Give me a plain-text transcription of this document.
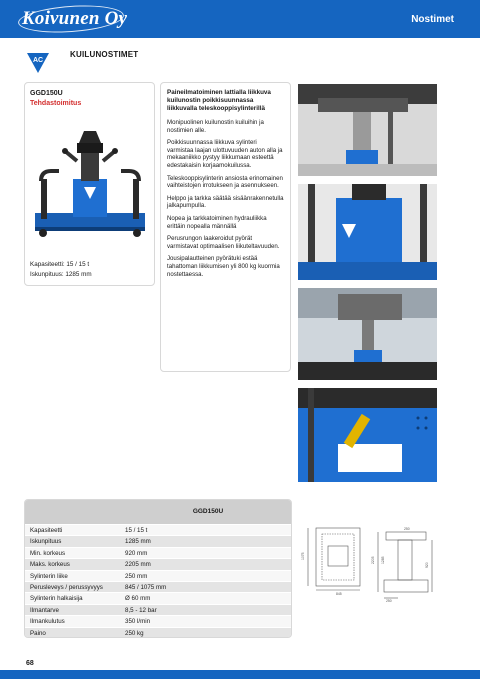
Koivunen Oy	Nostimet
AC
KUILUNOSTIMET
GGD150U
Tehdastoimitus
Kapasiteetti: 15 / 15 t
Iskunpituus: 1285 mm
Paineilmatoiminen lattialla liikkuva kuilunostin poikkisuunnassa liikkuvalla teleskooppisylinterillä

Monipuolinen kuilunostin kuiluihin ja nostimien alle.

Poikkisuunnassa liikkuva sylinteri varmistaa laajan ulottuvuuden auton alla ja mekaaniikko pystyy liikkumaan esteettä edestakaisin korjaamokuilussa.

Teleskooppisylinterin ansiosta erinomainen vaihteistojen irrotukseen ja asennukseen.

Helppo ja tarkka säätää sisäänrakennetulla jalkapumpulla.

Nopea ja tarkkatoiminen hydrauliikka erittäin nopealla männällä

Perusrungon laakeroidut pyörät varmistavat optimaalisen liikuteltavuuden.

Jousipalautteinen pyörätuki estää tahattoman liikkumisen yli 800 kg kuormia nostettaessa.

GGD150U
Kapasiteetti	15 / 15 t
Iskunpituus	1285 mm
Min. korkeus	920 mm
Maks. korkeus	2205 mm
Sylinterin liike	250 mm
Perusleveys / perussyvyys	845 / 1075 mm
Sylinterin halkaisija	Ø 60 mm
Ilmantarve	8,5 - 12 bar
Ilmankulutus	350 l/min
Paino	250 kg
1075
845
2205 1285
920
250
250
68
